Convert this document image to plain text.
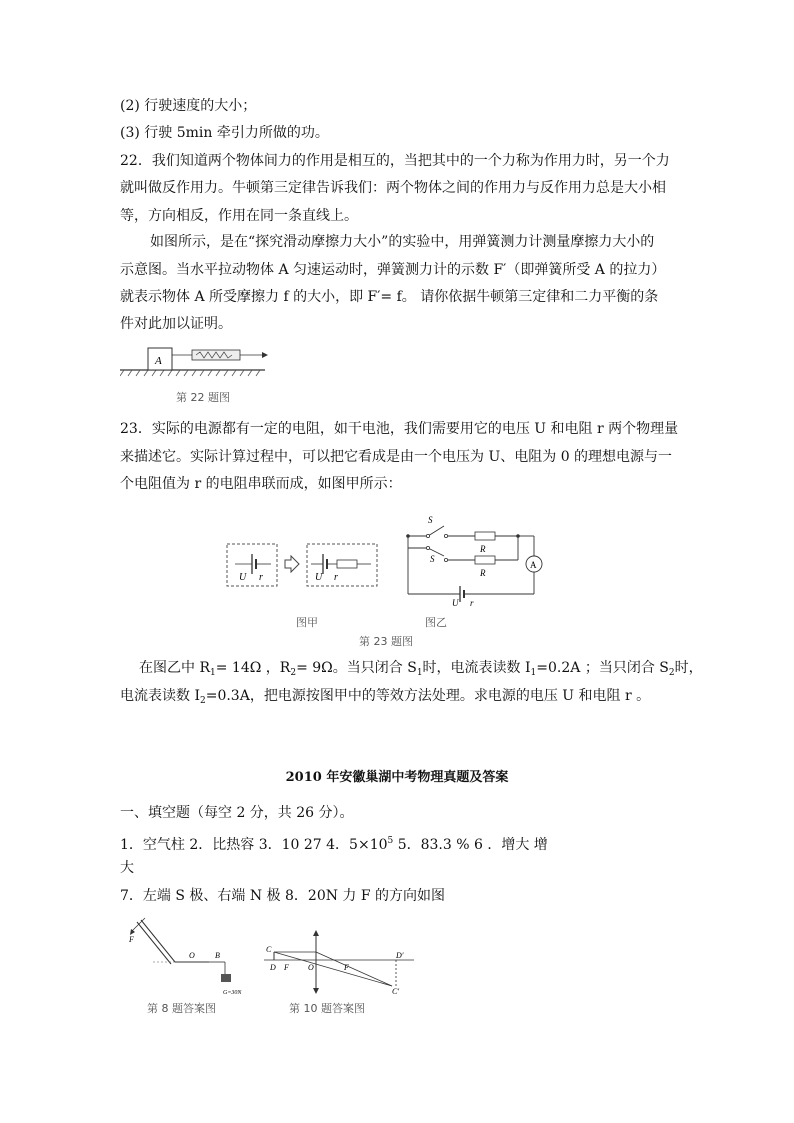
(2) 行驶速度的大小；
(3) 行驶 5min 牵引力所做的功。
22．我们知道两个物体间力的作用是相互的，当把其中的一个力称为作用力时，另一个力
就叫做反作用力。牛顿第三定律告诉我们：两个物体之间的作用力与反作用力总是大小相
等，方向相反，作用在同一条直线上。
如图所示，是在“探究滑动摩擦力大小”的实验中，用弹簧测力计测量摩擦力大小的
示意图。当水平拉动物体 A 匀速运动时，弹簧测力计的示数 F′（即弹簧所受 A 的拉力）
就表示物体 A 所受摩擦力 f 的大小，即 F′= f。 请你依据牛顿第三定律和二力平衡的条
件对此加以证明。
A
第 22 题图
23．实际的电源都有一定的电阻，如干电池，我们需要用它的电压 U 和电阻 r 两个物理量
来描述它。实际计算过程中，可以把它看成是由一个电压为 U、电阻为 0 的理想电源与一
个电阻值为 r 的电阻串联而成，如图甲所示：
U r	U r
S
R
S
R
A
U r
图甲	图乙
第 23 题图
在图乙中 $R_1= 14\Omega$ ，$R_2= 9\Omega$。当只闭合 $S_1$时，电流表读数 $I_1=0.2A$ ；当只闭合 $S_2$时，
电流表读数 $I_2=0.3A$，把电源按图甲中的等效方法处理。求电源的电压 U 和电阻 r 。
2010 年安徽巢湖中考物理真题及答案
一、填空题（每空 2 分，共 26 分）。
1．空气柱 2．比热容 3．10 27 4．$5\times 10^5$ 5．83.3 % 6 ．增大 增
大
7．左端 S 极、右端 N 极 8．20N 力 F 的方向如图
F
O	B
G=30N
第 8 题答案图
C
D F O	F
D′
C′
第 10 题答案图
